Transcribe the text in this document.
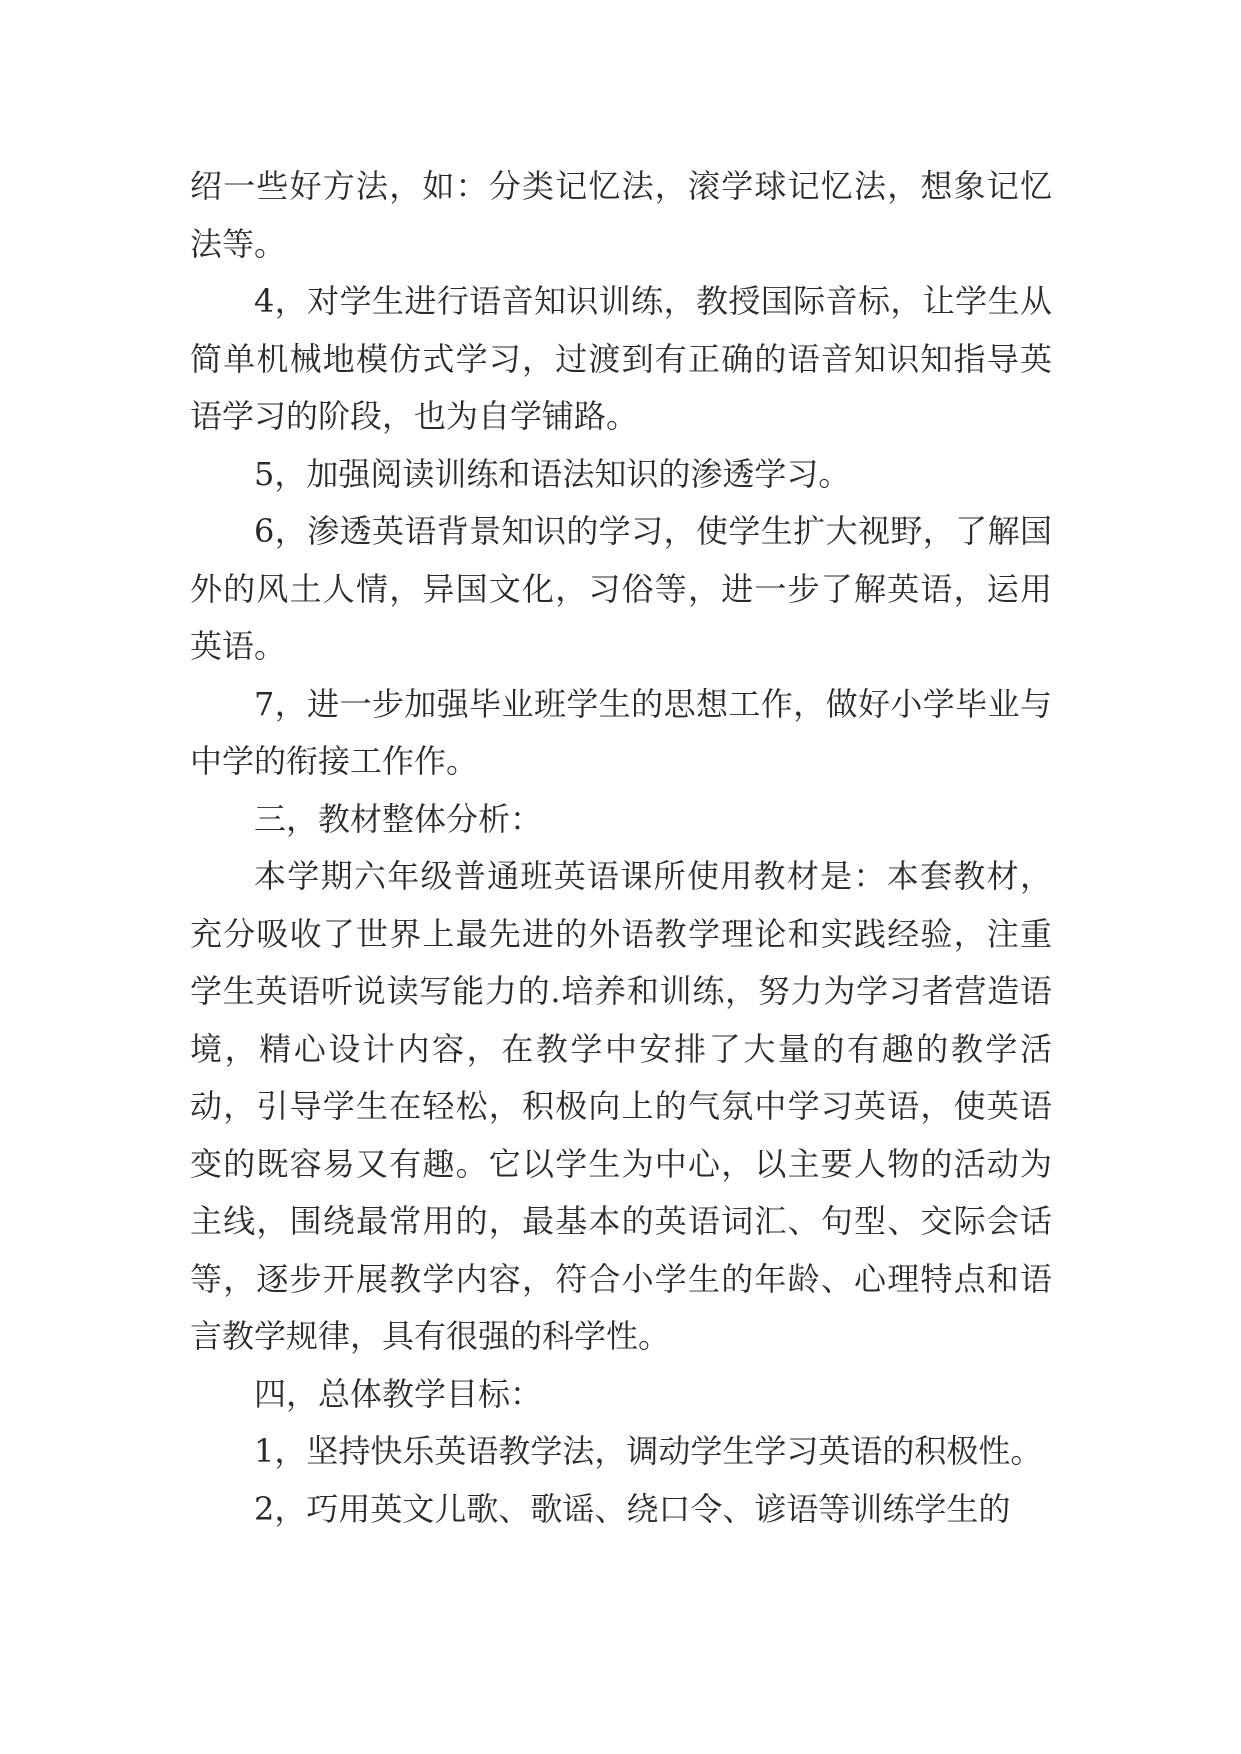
绍一些好方法，如：分类记忆法，滚学球记忆法，想象记忆法等。

4，对学生进行语音知识训练，教授国际音标，让学生从简单机械地模仿式学习，过渡到有正确的语音知识知指导英语学习的阶段，也为自学铺路。

5，加强阅读训练和语法知识的渗透学习。

6，渗透英语背景知识的学习，使学生扩大视野，了解国外的风土人情，异国文化，习俗等，进一步了解英语，运用英语。

7，进一步加强毕业班学生的思想工作，做好小学毕业与中学的衔接工作作。

三，教材整体分析：

本学期六年级普通班英语课所使用教材是：本套教材，充分吸收了世界上最先进的外语教学理论和实践经验，注重学生英语听说读写能力的.培养和训练，努力为学习者营造语境，精心设计内容，在教学中安排了大量的有趣的教学活动，引导学生在轻松，积极向上的气氛中学习英语，使英语变的既容易又有趣。它以学生为中心，以主要人物的活动为主线，围绕最常用的，最基本的英语词汇、句型、交际会话等，逐步开展教学内容，符合小学生的年龄、心理特点和语言教学规律，具有很强的科学性。

四，总体教学目标：

1，坚持快乐英语教学法，调动学生学习英语的积极性。

2，巧用英文儿歌、歌谣、绕口令、谚语等训练学生的
